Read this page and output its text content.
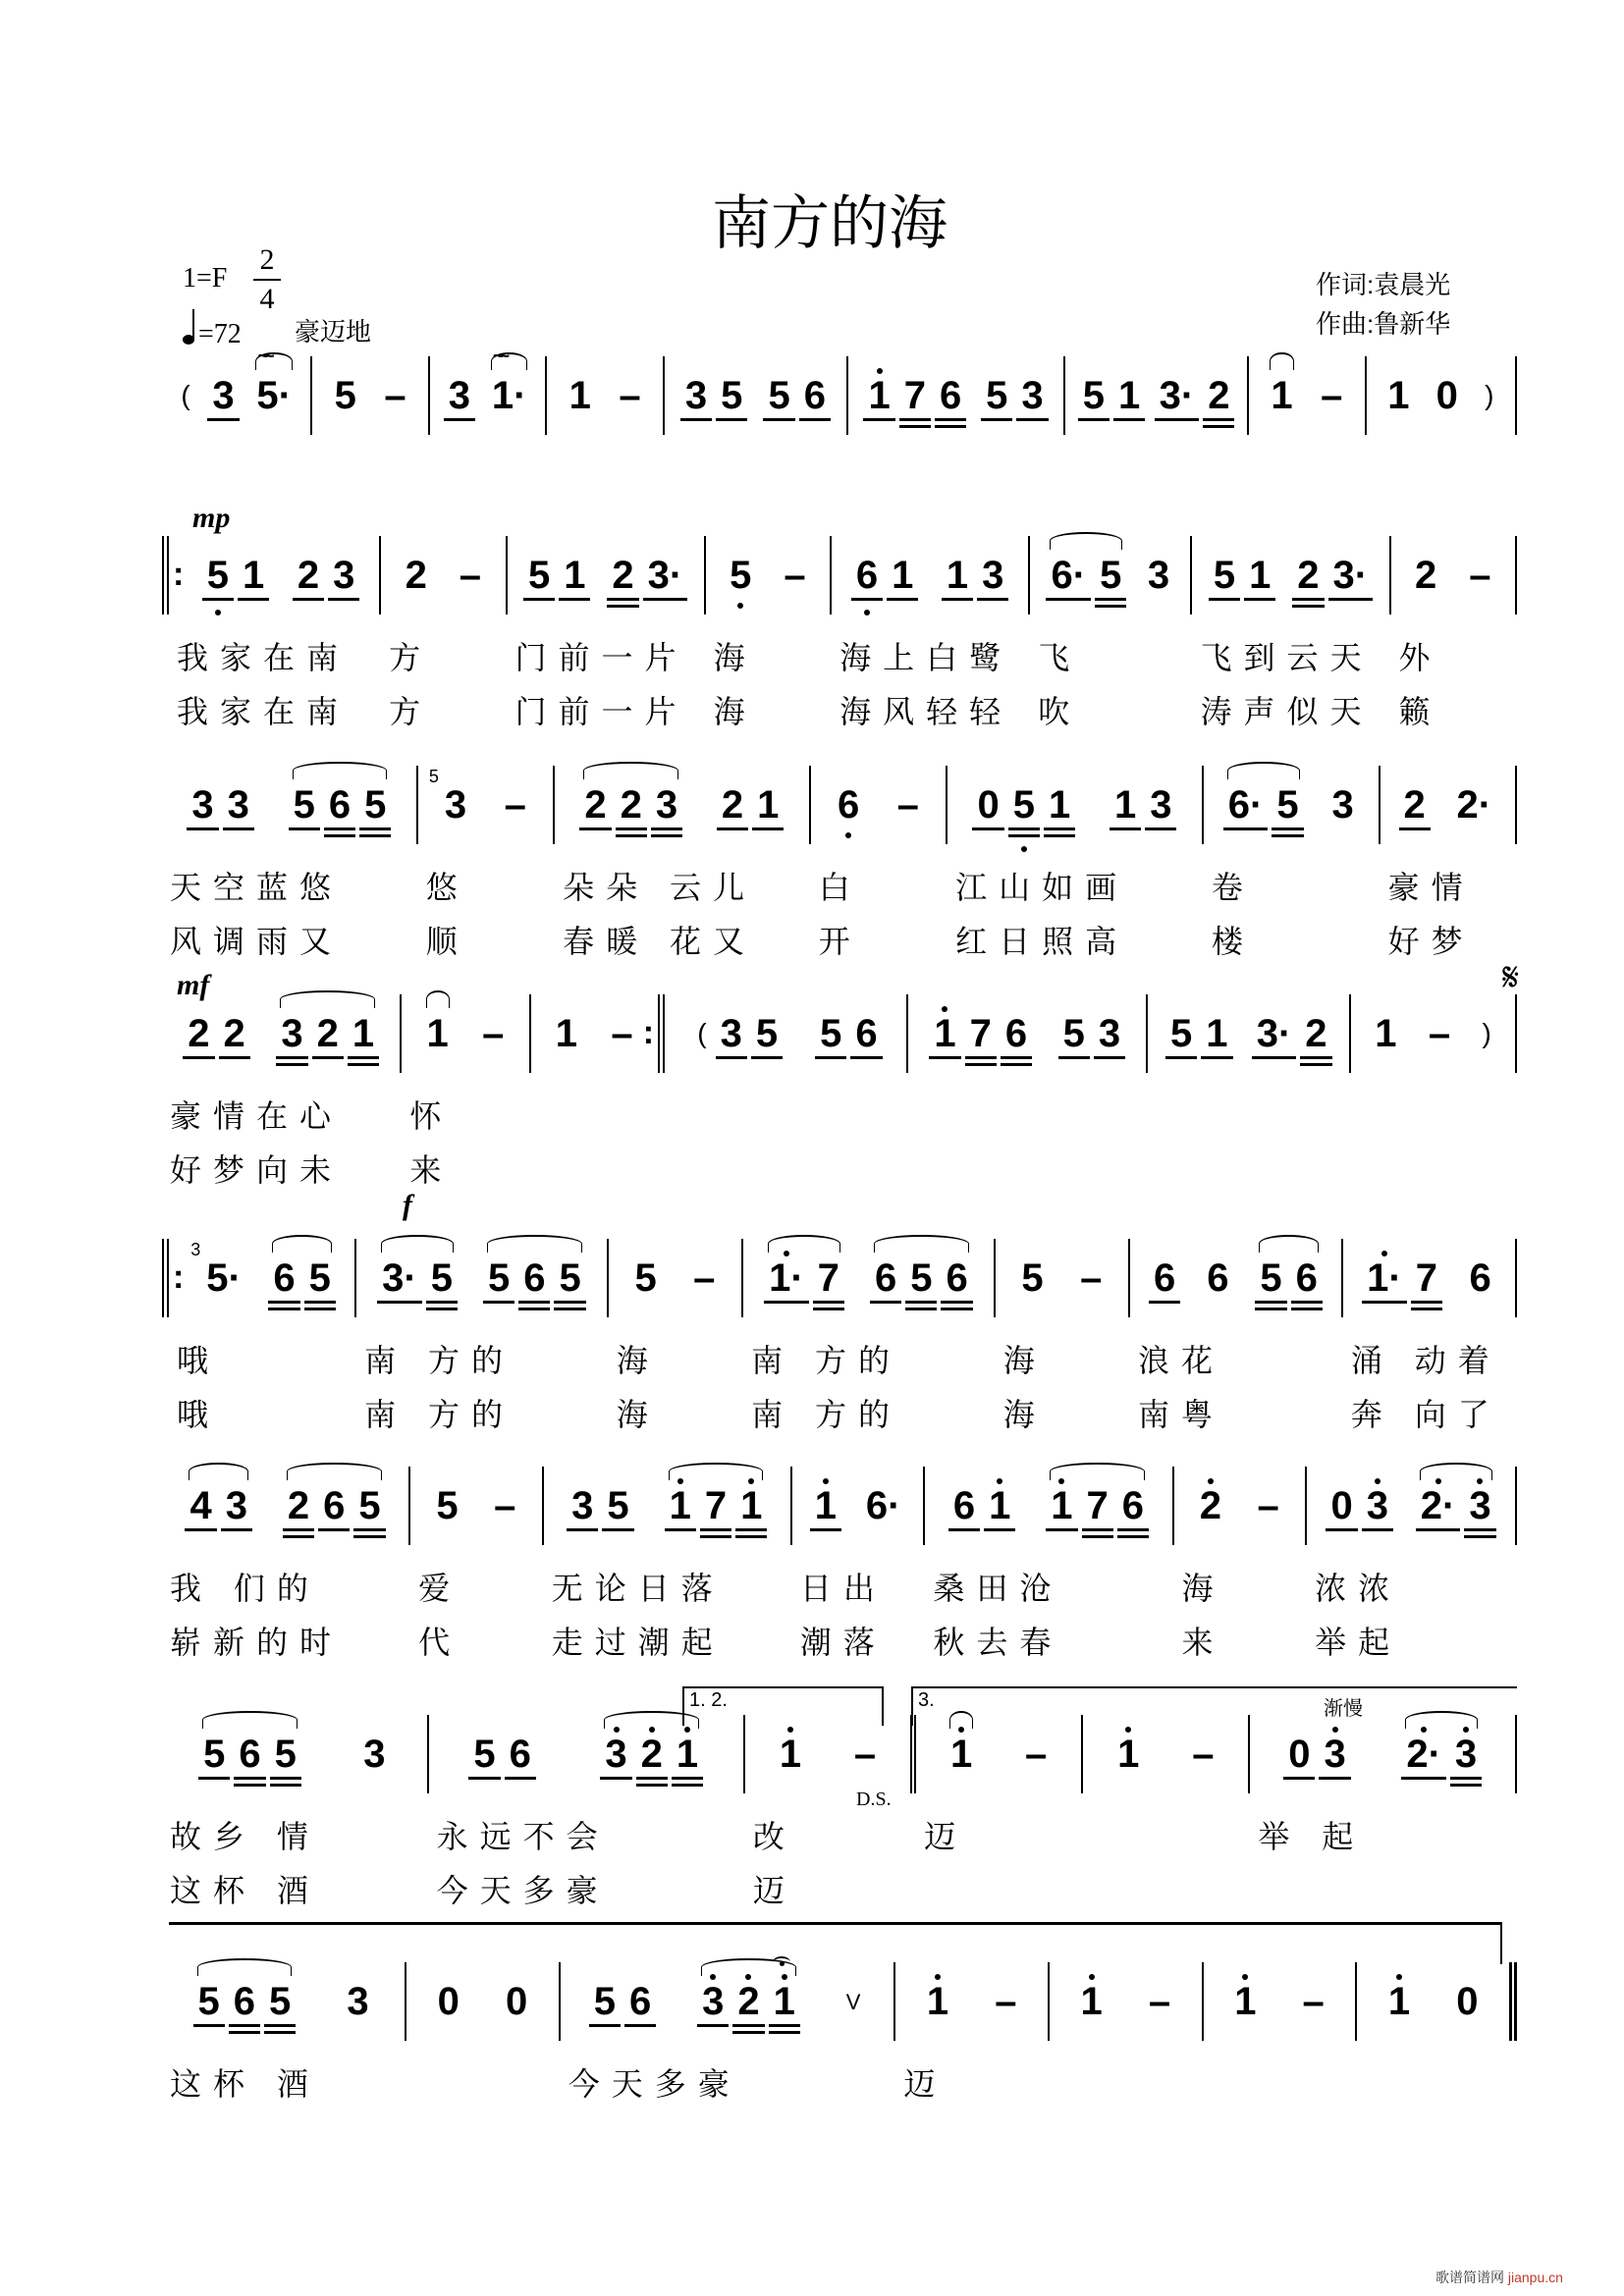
南方的海
1=F
2
4
=72 豪迈地
作词:袁晨光
作曲:鲁新华
mp
mf
f
𝄋
D.S.
1. 2.	3.	渐慢
( 3 5·
~~
5 – 3 1·
~~
1 – 3 5 5 6 1 7 6 5 3 5 1 3· 2 1 – 1 0 )
: 5 1 2 3
我家在南
我家在南
2 –
方
方
5 1 2 3·
门前一片
门前一片
5 –
海
海
6 1 1 3
海上白鹭
海风轻轻
6· 5 3
飞
吹
5 1 2 3·
飞到云天
涛声似天
2 –
外
籁
3 3 5 6 5
天空蓝悠
风调雨又
3
5
–
悠
顺
2 2 3 2 1
朵朵 云儿
春暖 花又
6 –
白
开
0 5 1 1 3
江山如画
红日照高
6· 5 3
卷
楼
2 2·
豪情
好梦
2 2 3 2 1
豪情在心
好梦向未
1 –
怀
来
1 – : ( 3 5 5 6 1 7 6 5 3 5 1 3· 2 1 – )
: 5·
3
6 5
哦
哦
3· 5 5 6 5
南 方的
南 方的
5 –
海
海
1· 7 6 5 6
南 方的
南 方的
5 –
海
海
6 6 5 6
浪花
南粤
1· 7 6
涌 动着
奔 向了
4 3 2 6 5
我 们的
崭新的时
5 –
爱
代
3 5 1 7 1
无论日落
走过潮起
1 6·
日出
潮落
6 1 1 7 6
桑田沧
秋去春
2 –
海
来
0 3 2· 3
浓浓
举起
5 6 5 3
故乡 情
这杯 酒
5 6 3 2 1
永远不会
今天多豪
1 –
改
迈
1 –
迈
1 – 0 3 2· 3
举 起
5 6 5 3
这杯 酒
0 0 5 6 3 2 1	V
今天多豪
1 –
迈
1 – 1 – 1 0
歌谱简谱网 jianpu.cn
